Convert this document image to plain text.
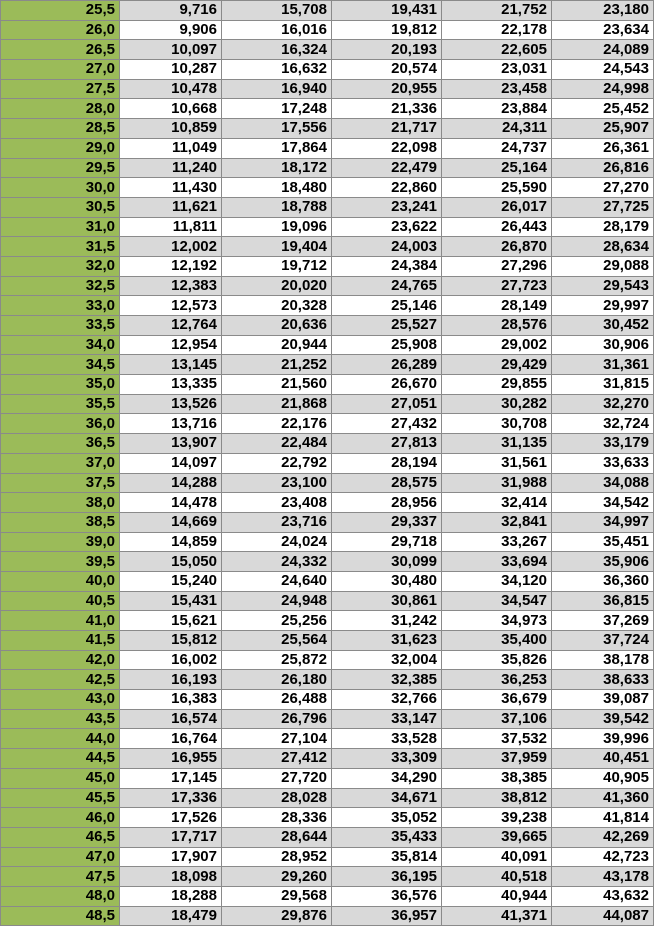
25,5	9,716	15,708	19,431	21,752	23,180
26,0	9,906	16,016	19,812	22,178	23,634
26,5	10,097	16,324	20,193	22,605	24,089
27,0	10,287	16,632	20,574	23,031	24,543
27,5	10,478	16,940	20,955	23,458	24,998
28,0	10,668	17,248	21,336	23,884	25,452
28,5	10,859	17,556	21,717	24,311	25,907
29,0	11,049	17,864	22,098	24,737	26,361
29,5	11,240	18,172	22,479	25,164	26,816
30,0	11,430	18,480	22,860	25,590	27,270
30,5	11,621	18,788	23,241	26,017	27,725
31,0	11,811	19,096	23,622	26,443	28,179
31,5	12,002	19,404	24,003	26,870	28,634
32,0	12,192	19,712	24,384	27,296	29,088
32,5	12,383	20,020	24,765	27,723	29,543
33,0	12,573	20,328	25,146	28,149	29,997
33,5	12,764	20,636	25,527	28,576	30,452
34,0	12,954	20,944	25,908	29,002	30,906
34,5	13,145	21,252	26,289	29,429	31,361
35,0	13,335	21,560	26,670	29,855	31,815
35,5	13,526	21,868	27,051	30,282	32,270
36,0	13,716	22,176	27,432	30,708	32,724
36,5	13,907	22,484	27,813	31,135	33,179
37,0	14,097	22,792	28,194	31,561	33,633
37,5	14,288	23,100	28,575	31,988	34,088
38,0	14,478	23,408	28,956	32,414	34,542
38,5	14,669	23,716	29,337	32,841	34,997
39,0	14,859	24,024	29,718	33,267	35,451
39,5	15,050	24,332	30,099	33,694	35,906
40,0	15,240	24,640	30,480	34,120	36,360
40,5	15,431	24,948	30,861	34,547	36,815
41,0	15,621	25,256	31,242	34,973	37,269
41,5	15,812	25,564	31,623	35,400	37,724
42,0	16,002	25,872	32,004	35,826	38,178
42,5	16,193	26,180	32,385	36,253	38,633
43,0	16,383	26,488	32,766	36,679	39,087
43,5	16,574	26,796	33,147	37,106	39,542
44,0	16,764	27,104	33,528	37,532	39,996
44,5	16,955	27,412	33,309	37,959	40,451
45,0	17,145	27,720	34,290	38,385	40,905
45,5	17,336	28,028	34,671	38,812	41,360
46,0	17,526	28,336	35,052	39,238	41,814
46,5	17,717	28,644	35,433	39,665	42,269
47,0	17,907	28,952	35,814	40,091	42,723
47,5	18,098	29,260	36,195	40,518	43,178
48,0	18,288	29,568	36,576	40,944	43,632
48,5	18,479	29,876	36,957	41,371	44,087
